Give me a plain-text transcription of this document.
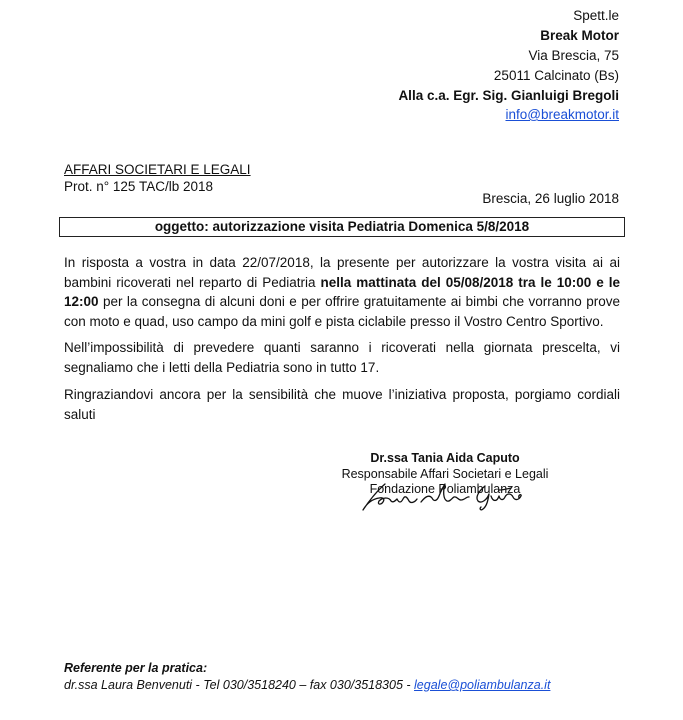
Spett.le
Break Motor
Via Brescia, 75
25011 Calcinato (Bs)
Alla c.a. Egr. Sig. Gianluigi Bregoli
info@breakmotor.it
AFFARI SOCIETARI E LEGALI
Prot. n° 125 TAC/lb 2018
Brescia, 26 luglio 2018
oggetto: autorizzazione visita Pediatria Domenica 5/8/2018

In risposta a vostra in data 22/07/2018, la presente per autorizzare la vostra visita ai ai bambini ricoverati nel reparto di Pediatria nella mattinata del 05/08/2018 tra le 10:00 e le 12:00 per la consegna di alcuni doni e per offrire gratuitamente ai bimbi che vorranno prove con moto e quad, uso campo da mini golf e pista ciclabile presso il Vostro Centro Sportivo.

Nell’impossibilità di prevedere quanti saranno i ricoverati nella giornata prescelta, vi segnaliamo che i letti della Pediatria sono in tutto 17.

Ringraziandovi ancora per la sensibilità che muove l’iniziativa proposta, porgiamo cordiali saluti

Dr.ssa Tania Aida Caputo
Responsabile Affari Societari e Legali
Fondazione Poliambulanza
Referente per la pratica:
dr.ssa Laura Benvenuti - Tel 030/3518240 – fax 030/3518305 - legale@poliambulanza.it
